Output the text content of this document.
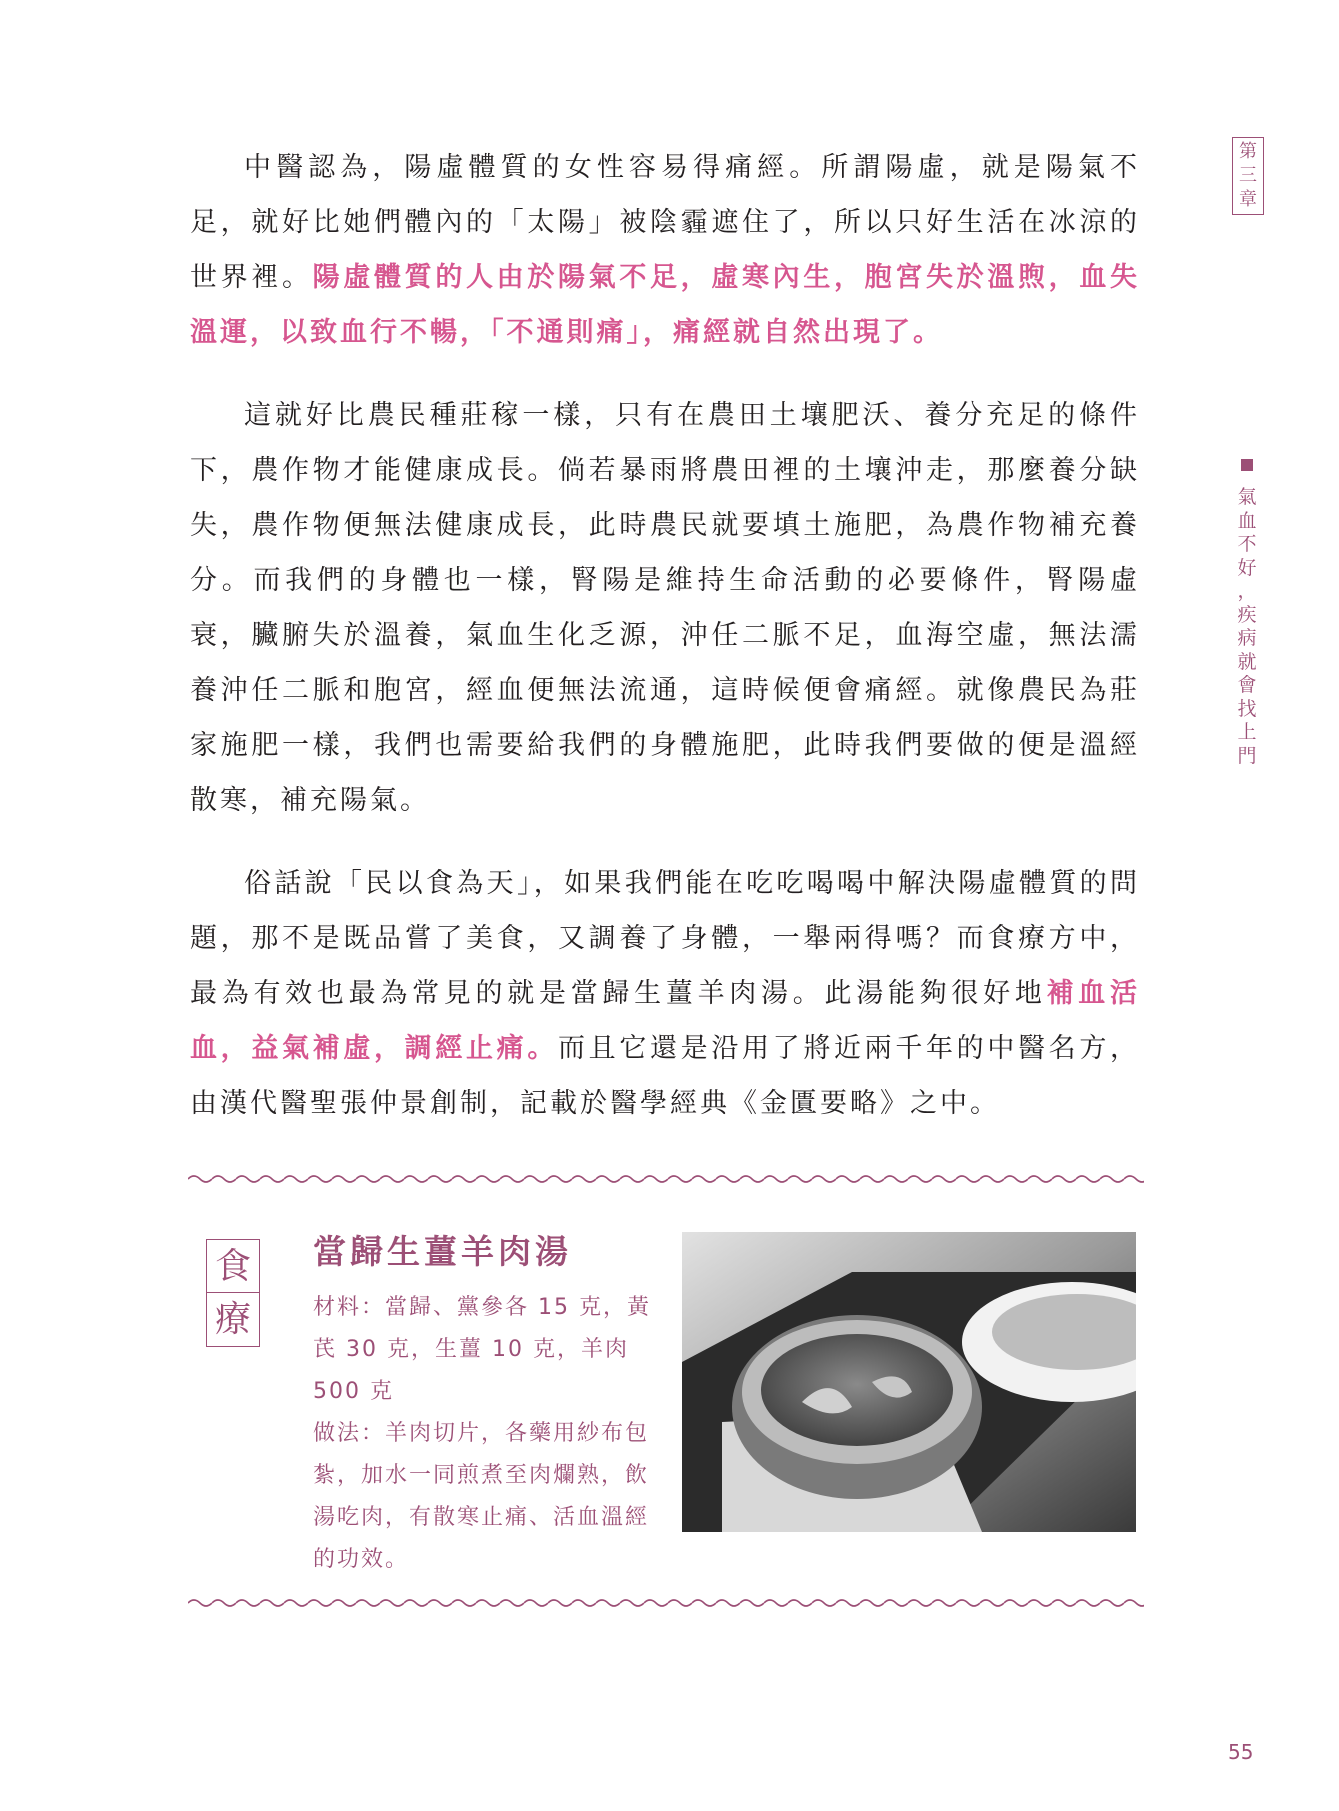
中醫認為，陽虛體質的女性容易得痛經。所謂陽虛，就是陽氣不足，就好比她們體內的「太陽」被陰霾遮住了，所以只好生活在冰涼的世界裡。陽虛體質的人由於陽氣不足，虛寒內生，胞宮失於溫煦，血失溫運，以致血行不暢，「不通則痛」，痛經就自然出現了。

這就好比農民種莊稼一樣，只有在農田土壤肥沃、養分充足的條件下，農作物才能健康成長。倘若暴雨將農田裡的土壤沖走，那麼養分缺失，農作物便無法健康成長，此時農民就要填土施肥，為農作物補充養分。而我們的身體也一樣，腎陽是維持生命活動的必要條件，腎陽虛衰，臟腑失於溫養，氣血生化乏源，沖任二脈不足，血海空虛，無法濡養沖任二脈和胞宮，經血便無法流通，這時候便會痛經。就像農民為莊家施肥一樣，我們也需要給我們的身體施肥，此時我們要做的便是溫經散寒，補充陽氣。

俗話說「民以食為天」，如果我們能在吃吃喝喝中解決陽虛體質的問題，那不是既品嘗了美食，又調養了身體，一舉兩得嗎？而食療方中，最為有效也最為常見的就是當歸生薑羊肉湯。此湯能夠很好地補血活血，益氣補虛，調經止痛。而且它還是沿用了將近兩千年的中醫名方，由漢代醫聖張仲景創制，記載於醫學經典《金匱要略》之中。

第
三
章
氣
血
不
好
，
疾
病
就
會
找
上
門
食
療
當歸生薑羊肉湯

材料：當歸、黨參各 15 克，黃芪 30 克，生薑 10 克，羊肉 500 克

做法：羊肉切片，各藥用紗布包紮，加水一同煎煮至肉爛熟，飲湯吃肉，有散寒止痛、活血溫經的功效。

55
